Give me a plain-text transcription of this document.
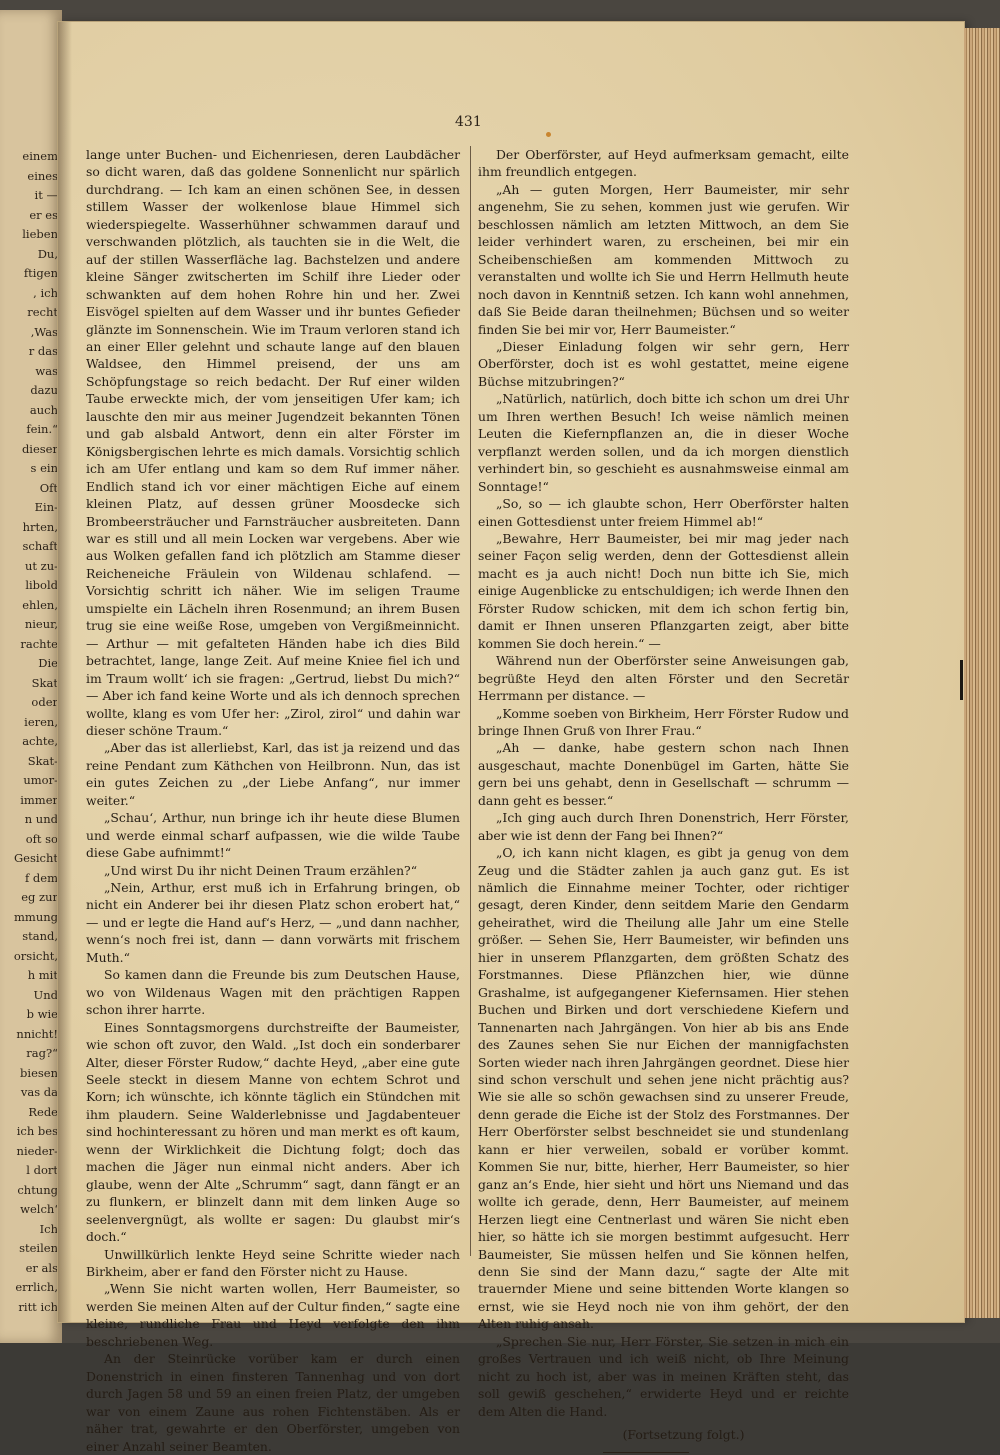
einem
eines
it —
er es
lieben
Du,
ftigen
, ich
recht
,Was
r das
was
dazu
auch
fein.“
dieser
s ein
Oft
Ein-
hrten,
schaft
ut zu-
libold
ehlen,
nieur,
rachte
Die
Skat
oder
ieren,
achte,
Skat-
umor-
immer
n und
oft so
Gesicht
f dem
eg zur
mmung
stand,
orsicht,
h mit
Und
b wie
nnicht!
rag?“
biesen
vas da
Rede
ich bes
nieder-
l dort
chtung
welch‘
Ich
steilen
er als
errlich,
ritt ich
431

lange unter Buchen- und Eichenriesen, deren Laubdächer so dicht waren, daß das goldene Sonnenlicht nur spärlich durchdrang. — Ich kam an einen schönen See, in dessen stillem Wasser der wolkenlose blaue Himmel sich wiederspiegelte. Wasserhühner schwammen darauf und verschwanden plötzlich, als tauchten sie in die Welt, die auf der stillen Wasserfläche lag. Bachstelzen und andere kleine Sänger zwitscherten im Schilf ihre Lieder oder schwankten auf dem hohen Rohre hin und her. Zwei Eisvögel spielten auf dem Wasser und ihr buntes Gefieder glänzte im Sonnenschein. Wie im Traum verloren stand ich an einer Eller gelehnt und schaute lange auf den blauen Waldsee, den Himmel preisend, der uns am Schöpfungstage so reich bedacht. Der Ruf einer wilden Taube erweckte mich, der vom jenseitigen Ufer kam; ich lauschte den mir aus meiner Jugendzeit bekannten Tönen und gab alsbald Antwort, denn ein alter Förster im Königsbergischen lehrte es mich damals. Vorsichtig schlich ich am Ufer entlang und kam so dem Ruf immer näher. Endlich stand ich vor einer mächtigen Eiche auf einem kleinen Platz, auf dessen grüner Moosdecke sich Brombeersträucher und Farnsträucher ausbreiteten. Dann war es still und all mein Locken war vergebens. Aber wie aus Wolken gefallen fand ich plötzlich am Stamme dieser Reicheneiche Fräulein von Wildenau schlafend. — Vorsichtig schritt ich näher. Wie im seligen Traume umspielte ein Lächeln ihren Rosenmund; an ihrem Busen trug sie eine weiße Rose, umgeben von Vergißmeinnicht. — Arthur — mit gefalteten Händen habe ich dies Bild betrachtet, lange, lange Zeit. Auf meine Kniee fiel ich und im Traum wollt‘ ich sie fragen: „Gertrud, liebst Du mich?“ — Aber ich fand keine Worte und als ich dennoch sprechen wollte, klang es vom Ufer her: „Zirol, zirol“ und dahin war dieser schöne Traum.“

„Aber das ist allerliebst, Karl, das ist ja reizend und das reine Pendant zum Käthchen von Heilbronn. Nun, das ist ein gutes Zeichen zu „der Liebe Anfang“, nur immer weiter.“

„Schau‘, Arthur, nun bringe ich ihr heute diese Blumen und werde einmal scharf aufpassen, wie die wilde Taube diese Gabe aufnimmt!“

„Und wirst Du ihr nicht Deinen Traum erzählen?“

„Nein, Arthur, erst muß ich in Erfahrung bringen, ob nicht ein Anderer bei ihr diesen Platz schon erobert hat,“ — und er legte die Hand auf‘s Herz, — „und dann nachher, wenn‘s noch frei ist, dann — dann vorwärts mit frischem Muth.“

So kamen dann die Freunde bis zum Deutschen Hause, wo von Wildenaus Wagen mit den prächtigen Rappen schon ihrer harrte.

Eines Sonntagsmorgens durchstreifte der Baumeister, wie schon oft zuvor, den Wald. „Ist doch ein sonderbarer Alter, dieser Förster Rudow,“ dachte Heyd, „aber eine gute Seele steckt in diesem Manne von echtem Schrot und Korn; ich wünschte, ich könnte täglich ein Stündchen mit ihm plaudern. Seine Walderlebnisse und Jagdabenteuer sind hochinteressant zu hören und man merkt es oft kaum, wenn der Wirklichkeit die Dichtung folgt; doch das machen die Jäger nun einmal nicht anders. Aber ich glaube, wenn der Alte „Schrumm“ sagt, dann fängt er an zu flunkern, er blinzelt dann mit dem linken Auge so seelenvergnügt, als wollte er sagen: Du glaubst mir‘s doch.“

Unwillkürlich lenkte Heyd seine Schritte wieder nach Birkheim, aber er fand den Förster nicht zu Hause.

„Wenn Sie nicht warten wollen, Herr Baumeister, so werden Sie meinen Alten auf der Cultur finden,“ sagte eine kleine, rundliche Frau und Heyd verfolgte den ihm beschriebenen Weg.

An der Steinrücke vorüber kam er durch einen Donenstrich in einen finsteren Tannenhag und von dort durch Jagen 58 und 59 an einen freien Platz, der umgeben war von einem Zaune aus rohen Fichtenstäben. Als er näher trat, gewahrte er den Oberförster, umgeben von einer Anzahl seiner Beamten.

Der Oberförster, auf Heyd aufmerksam gemacht, eilte ihm freundlich entgegen.

„Ah — guten Morgen, Herr Baumeister, mir sehr angenehm, Sie zu sehen, kommen just wie gerufen. Wir beschlossen nämlich am letzten Mittwoch, an dem Sie leider verhindert waren, zu erscheinen, bei mir ein Scheibenschießen am kommenden Mittwoch zu veranstalten und wollte ich Sie und Herrn Hellmuth heute noch davon in Kenntniß setzen. Ich kann wohl annehmen, daß Sie Beide daran theilnehmen; Büchsen und so weiter finden Sie bei mir vor, Herr Baumeister.“

„Dieser Einladung folgen wir sehr gern, Herr Oberförster, doch ist es wohl gestattet, meine eigene Büchse mitzubringen?“

„Natürlich, natürlich, doch bitte ich schon um drei Uhr um Ihren werthen Besuch! Ich weise nämlich meinen Leuten die Kiefernpflanzen an, die in dieser Woche verpflanzt werden sollen, und da ich morgen dienstlich verhindert bin, so geschieht es ausnahmsweise einmal am Sonntage!“

„So, so — ich glaubte schon, Herr Oberförster halten einen Gottesdienst unter freiem Himmel ab!“

„Bewahre, Herr Baumeister, bei mir mag jeder nach seiner Façon selig werden, denn der Gottesdienst allein macht es ja auch nicht! Doch nun bitte ich Sie, mich einige Augenblicke zu entschuldigen; ich werde Ihnen den Förster Rudow schicken, mit dem ich schon fertig bin, damit er Ihnen unseren Pflanzgarten zeigt, aber bitte kommen Sie doch herein.“ —

Während nun der Oberförster seine Anweisungen gab, begrüßte Heyd den alten Förster und den Secretär Herrmann per distance. —

„Komme soeben von Birkheim, Herr Förster Rudow und bringe Ihnen Gruß von Ihrer Frau.“

„Ah — danke, habe gestern schon nach Ihnen ausgeschaut, machte Donenbügel im Garten, hätte Sie gern bei uns gehabt, denn in Gesellschaft — schrumm — dann geht es besser.“

„Ich ging auch durch Ihren Donenstrich, Herr Förster, aber wie ist denn der Fang bei Ihnen?“

„O, ich kann nicht klagen, es gibt ja genug von dem Zeug und die Städter zahlen ja auch ganz gut. Es ist nämlich die Einnahme meiner Tochter, oder richtiger gesagt, deren Kinder, denn seitdem Marie den Gendarm geheirathet, wird die Theilung alle Jahr um eine Stelle größer. — Sehen Sie, Herr Baumeister, wir befinden uns hier in unserem Pflanzgarten, dem größten Schatz des Forstmannes. Diese Pflänzchen hier, wie dünne Grashalme, ist aufgegangener Kiefernsamen. Hier stehen Buchen und Birken und dort verschiedene Kiefern und Tannenarten nach Jahrgängen. Von hier ab bis ans Ende des Zaunes sehen Sie nur Eichen der mannigfachsten Sorten wieder nach ihren Jahrgängen geordnet. Diese hier sind schon verschult und sehen jene nicht prächtig aus? Wie sie alle so schön gewachsen sind zu unserer Freude, denn gerade die Eiche ist der Stolz des Forstmannes. Der Herr Oberförster selbst beschneidet sie und stundenlang kann er hier verweilen, sobald er vorüber kommt. Kommen Sie nur, bitte, hierher, Herr Baumeister, so hier ganz an‘s Ende, hier sieht und hört uns Niemand und das wollte ich gerade, denn, Herr Baumeister, auf meinem Herzen liegt eine Centnerlast und wären Sie nicht eben hier, so hätte ich sie morgen bestimmt aufgesucht. Herr Baumeister, Sie müssen helfen und Sie können helfen, denn Sie sind der Mann dazu,“ sagte der Alte mit trauernder Miene und seine bittenden Worte klangen so ernst, wie sie Heyd noch nie von ihm gehört, der den Alten ruhig ansah.

„Sprechen Sie nur, Herr Förster, Sie setzen in mich ein großes Vertrauen und ich weiß nicht, ob Ihre Meinung nicht zu hoch ist, aber was in meinen Kräften steht, das soll gewiß geschehen,“ erwiderte Heyd und er reichte dem Alten die Hand.

(Fortsetzung folgt.)
